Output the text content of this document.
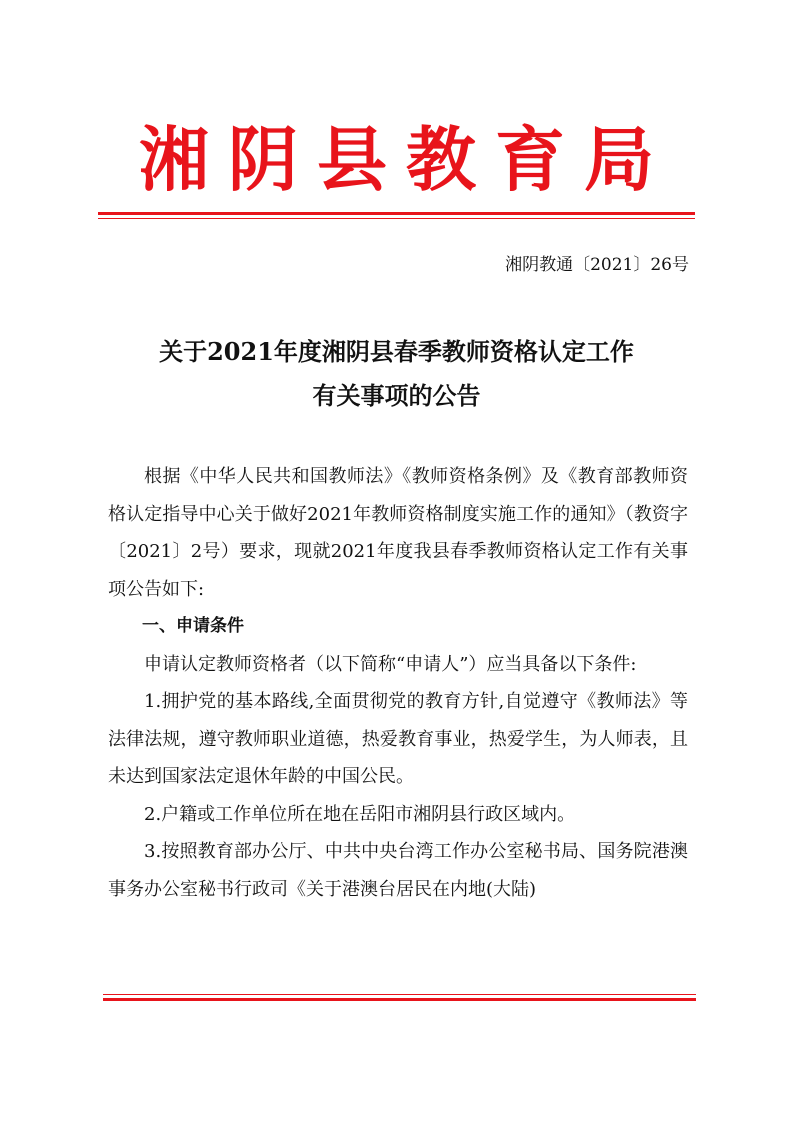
湘阴县教育局
湘阴教通〔2021〕26号
关于2021年度湘阴县春季教师资格认定工作
有关事项的公告

根据《中华人民共和国教师法》《教师资格条例》及《教育部教师资格认定指导中心关于做好2021年教师资格制度实施工作的通知》（教资字〔2021〕2号）要求，现就2021年度我县春季教师资格认定工作有关事项公告如下:

一、申请条件

申请认定教师资格者（以下简称“申请人”）应当具备以下条件:

1.拥护党的基本路线,全面贯彻党的教育方针,自觉遵守《教师法》等法律法规，遵守教师职业道德，热爱教育事业，热爱学生，为人师表，且未达到国家法定退休年龄的中国公民。

2.户籍或工作单位所在地在岳阳市湘阴县行政区域内。

3.按照教育部办公厅、中共中央台湾工作办公室秘书局、国务院港澳事务办公室秘书行政司《关于港澳台居民在内地(大陆)
